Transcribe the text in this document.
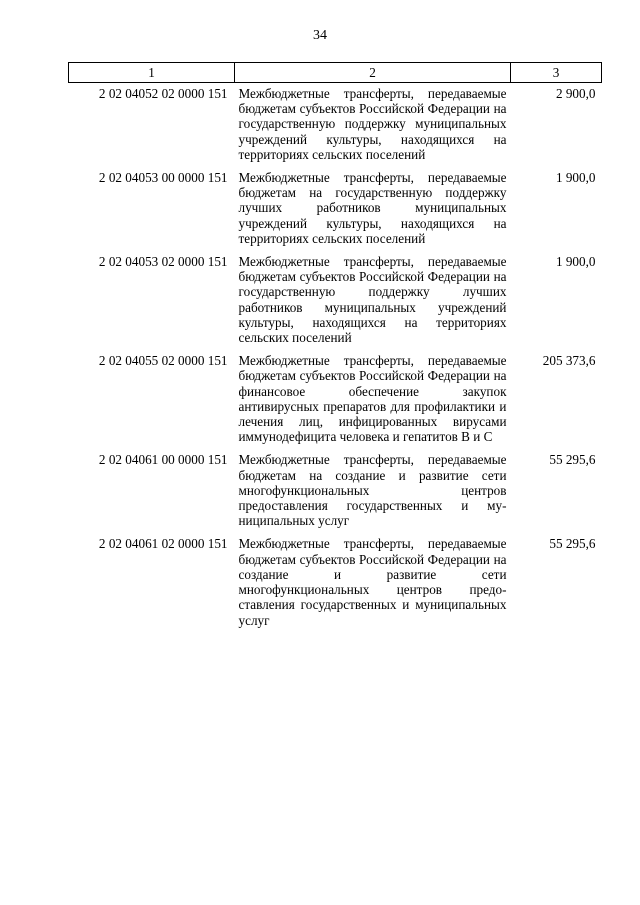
34
1	2	3
2 02 04052 02 0000 151	Межбюджетные трансферты, передаваемые бюджетам субъектов Российской Федерации на государственную поддержку муниципальных учреждений культуры, находящихся на территориях сельских поселений	2 900,0
2 02 04053 00 0000 151	Межбюджетные трансферты, передаваемые бюджетам на государственную поддержку лучших работников муниципальных учреждений культуры, находящихся на территориях сельских поселений	1 900,0
2 02 04053 02 0000 151	Межбюджетные трансферты, передаваемые бюджетам субъектов Российской Федерации на государственную поддержку лучших работников муниципальных учреждений культуры, находящихся на территориях сельских поселений	1 900,0
2 02 04055 02 0000 151	Межбюджетные трансферты, передаваемые бюджетам субъектов Российской Федерации на финансовое обеспечение закупок антивирусных препаратов для профилактики и лечения лиц, инфицированных вирусами иммунодефицита человека и гепатитов В и С	205 373,6
2 02 04061 00 0000 151	Межбюджетные трансферты, передаваемые бюджетам на создание и развитие сети многофункциональных центров предоставления государственных и муниципальных услуг	55 295,6
2 02 04061 02 0000 151	Межбюджетные трансферты, передаваемые бюджетам субъектов Российской Федерации на создание и развитие сети многофункциональных центров предоставления государственных и муниципальных услуг	55 295,6
